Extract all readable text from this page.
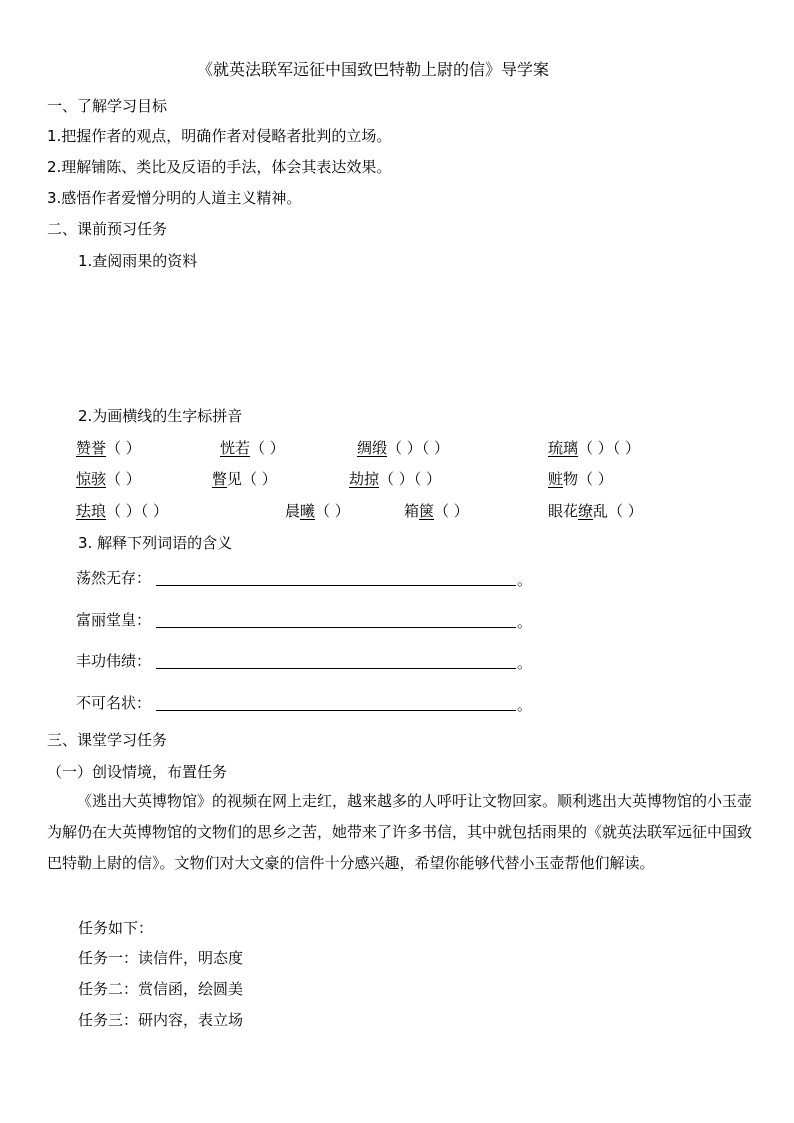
《就英法联军远征中国致巴特勒上尉的信》导学案
一、了解学习目标
1.把握作者的观点，明确作者对侵略者批判的立场。
2.理解铺陈、类比及反语的手法，体会其表达效果。
3.感悟作者爱憎分明的人道主义精神。
二、课前预习任务
1.查阅雨果的资料
2.为画横线的生字标拼音
赞誉（ ）	恍若（ ）	绸缎（ ）（ ）	琉璃（ ）（ ）
惊骇（ ）	瞥见（ ）	劫掠（ ）（ ）	赃物（ ）
珐琅（ ）（ ）	晨曦（ ）	箱箧（ ）	眼花缭乱（ ）
3. 解释下列词语的含义
荡然无存：	。
富丽堂皇：	。
丰功伟绩：	。
不可名状：	。
三、课堂学习任务
（一）创设情境，布置任务
《逃出大英博物馆》的视频在网上走红，越来越多的人呼吁让文物回家。顺利逃出大英博物馆的小玉壶为解仍在大英博物馆的文物们的思乡之苦，她带来了许多书信，其中就包括雨果的《就英法联军远征中国致巴特勒上尉的信》。文物们对大文豪的信件十分感兴趣，希望你能够代替小玉壶帮他们解读。
任务如下：
任务一：读信件，明态度
任务二：赏信函，绘圆美
任务三：研内容，表立场
